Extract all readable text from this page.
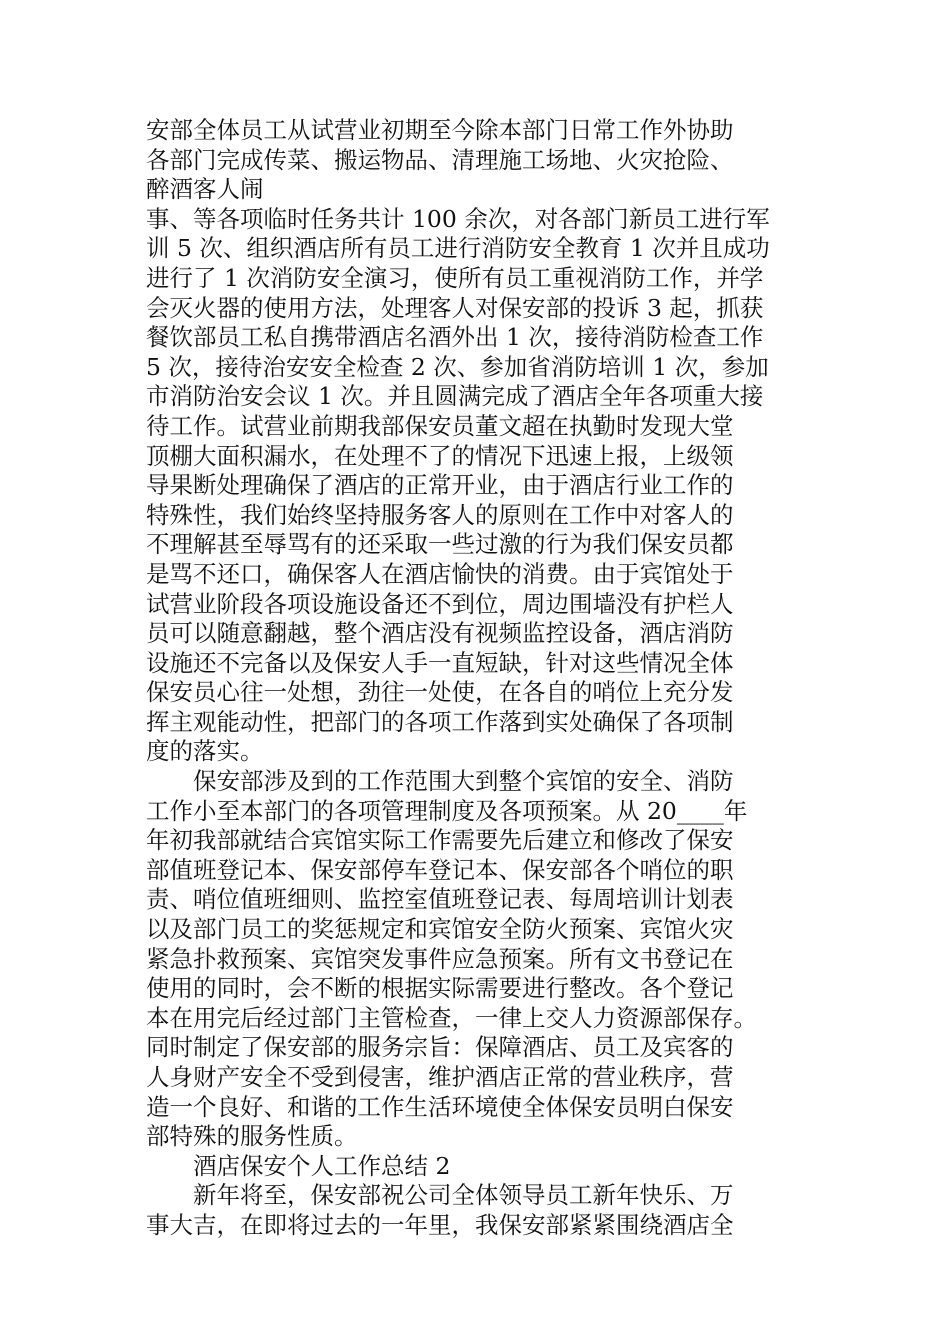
安部全体员工从试营业初期至今除本部门日常工作外协助
各部门完成传菜、搬运物品、清理施工场地、火灾抢险、
醉酒客人闹
事、等各项临时任务共计 100 余次，对各部门新员工进行军
训 5 次、组织酒店所有员工进行消防安全教育 1 次并且成功
进行了 1 次消防安全演习，使所有员工重视消防工作，并学
会灭火器的使用方法，处理客人对保安部的投诉 3 起，抓获
餐饮部员工私自携带酒店名酒外出 1 次，接待消防检查工作
5 次，接待治安安全检查 2 次、参加省消防培训 1 次，参加
市消防治安会议 1 次。并且圆满完成了酒店全年各项重大接
待工作。试营业前期我部保安员董文超在执勤时发现大堂
顶棚大面积漏水，在处理不了的情况下迅速上报，上级领
导果断处理确保了酒店的正常开业，由于酒店行业工作的
特殊性，我们始终坚持服务客人的原则在工作中对客人的
不理解甚至辱骂有的还采取一些过激的行为我们保安员都
是骂不还口，确保客人在酒店愉快的消费。由于宾馆处于
试营业阶段各项设施设备还不到位，周边围墙没有护栏人
员可以随意翻越，整个酒店没有视频监控设备，酒店消防
设施还不完备以及保安人手一直短缺，针对这些情况全体
保安员心往一处想，劲往一处使，在各自的哨位上充分发
挥主观能动性，把部门的各项工作落到实处确保了各项制
度的落实。
保安部涉及到的工作范围大到整个宾馆的安全、消防
工作小至本部门的各项管理制度及各项预案。从 20____年
年初我部就结合宾馆实际工作需要先后建立和修改了保安
部值班登记本、保安部停车登记本、保安部各个哨位的职
责、哨位值班细则、监控室值班登记表、每周培训计划表
以及部门员工的奖惩规定和宾馆安全防火预案、宾馆火灾
紧急扑救预案、宾馆突发事件应急预案。所有文书登记在
使用的同时，会不断的根据实际需要进行整改。各个登记
本在用完后经过部门主管检查，一律上交人力资源部保存。
同时制定了保安部的服务宗旨：保障酒店、员工及宾客的
人身财产安全不受到侵害，维护酒店正常的营业秩序，营
造一个良好、和谐的工作生活环境使全体保安员明白保安
部特殊的服务性质。
酒店保安个人工作总结 2
新年将至，保安部祝公司全体领导员工新年快乐、万
事大吉，在即将过去的一年里，我保安部紧紧围绕酒店全
